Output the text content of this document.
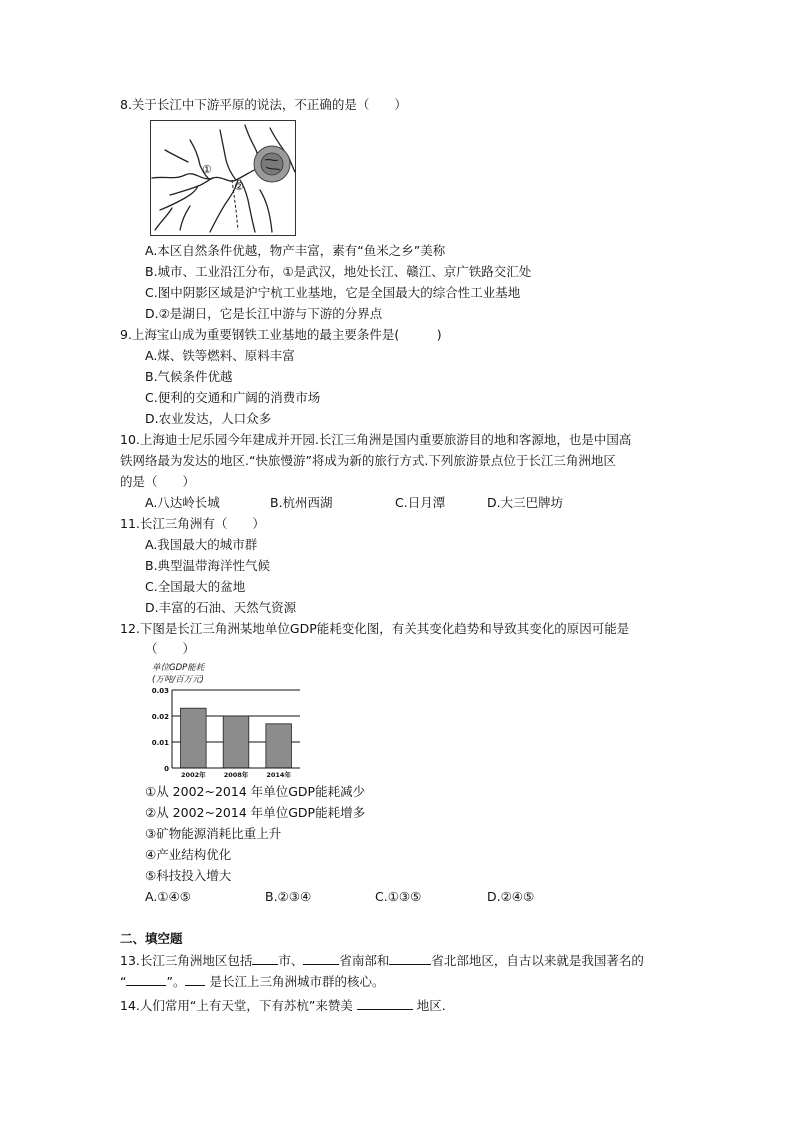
8.关于长江中下游平原的说法，不正确的是（　　）
①
②
A.本区自然条件优越，物产丰富，素有“鱼米之乡”美称
B.城市、工业沿江分布，①是武汉，地处长江、赣江、京广铁路交汇处
C.图中阴影区域是沪宁杭工业基地，它是全国最大的综合性工业基地
D.②是湖日，它是长江中游与下游的分界点
9.上海宝山成为重要钢铁工业基地的最主要条件是(　　　)
A.煤、铁等燃料、原料丰富
B.气候条件优越
C.便利的交通和广阔的消费市场
D.农业发达，人口众多
10.上海迪士尼乐园今年建成并开园.长江三角洲是国内重要旅游目的地和客源地，也是中国高
铁网络最为发达的地区.“快旅慢游”将成为新的旅行方式.下列旅游景点位于长江三角洲地区
的是（　　）
A.八达岭长城	B.杭州西湖	C.日月潭	D.大三巴牌坊
11.长江三角洲有（　　）
A.我国最大的城市群
B.典型温带海洋性气候
C.全国最大的盆地
D.丰富的石油、天然气资源
12.下图是长江三角洲某地单位GDP能耗变化图，有关其变化趋势和导致其变化的原因可能是
（　　）
单位GDP能耗
(万吨/百万元)
0
0.01
0.02
0.03
2002年	2008年	2014年
①从 2002~2014 年单位GDP能耗减少
②从 2002~2014 年单位GDP能耗增多
③矿物能源消耗比重上升
④产业结构优化
⑤科技投入增大
A.①④⑤	B.②③④	C.①③⑤	D.②④⑤
二、填空题
13.长江三角洲地区包括 市、	省南部和	省北部地区，自古以来就是我国著名的
“	”。 是长江上三角洲城市群的核心。
14.人们常用“上有天堂，下有苏杭”来赞美	地区.
